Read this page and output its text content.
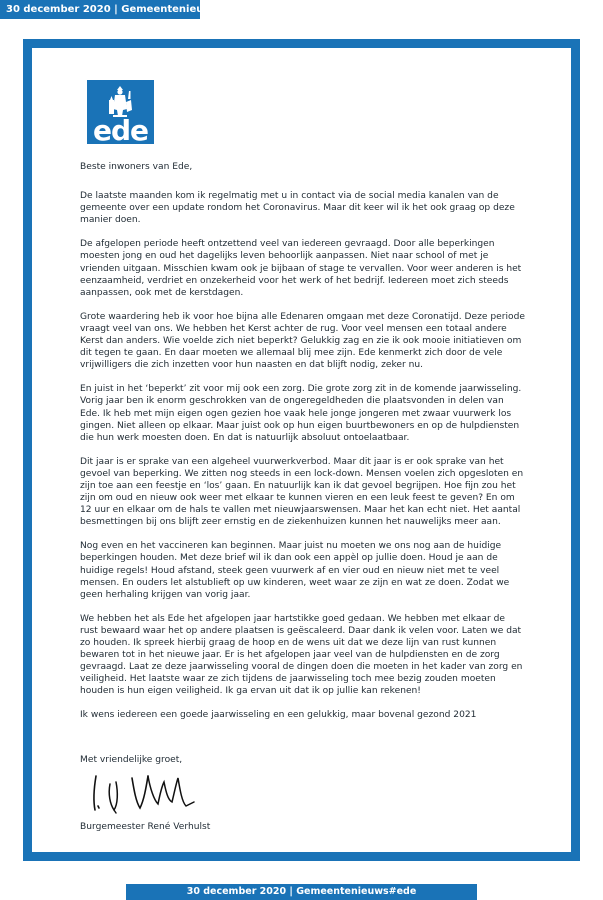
30 december 2020 | Gemeentenieuws#ede
ede

Beste inwoners van Ede,

De laatste maanden kom ik regelmatig met u in contact via de social media kanalen van de gemeente over een update rondom het Coronavirus. Maar dit keer wil ik het ook graag op deze manier doen.

De afgelopen periode heeft ontzettend veel van iedereen gevraagd. Door alle beperkingen moesten jong en oud het dagelijks leven behoorlijk aanpassen. Niet naar school of met je vrienden uitgaan. Misschien kwam ook je bijbaan of stage te vervallen. Voor weer anderen is het eenzaamheid, verdriet en onzekerheid voor het werk of het bedrijf. Iedereen moet zich steeds aanpassen, ook met de kerstdagen.

Grote waardering heb ik voor hoe bijna alle Edenaren omgaan met deze Coronatijd. Deze periode vraagt veel van ons. We hebben het Kerst achter de rug. Voor veel mensen een totaal andere Kerst dan anders. Wie voelde zich niet beperkt? Gelukkig zag en zie ik ook mooie initiatieven om dit tegen te gaan. En daar moeten we allemaal blij mee zijn. Ede kenmerkt zich door de vele vrijwilligers die zich inzetten voor hun naasten en dat blijft nodig, zeker nu.

En juist in het ‘beperkt’ zit voor mij ook een zorg. Die grote zorg zit in de komende jaarwisseling. Vorig jaar ben ik enorm geschrokken van de ongeregeldheden die plaatsvonden in delen van Ede. Ik heb met mijn eigen ogen gezien hoe vaak hele jonge jongeren met zwaar vuurwerk los gingen. Niet alleen op elkaar. Maar juist ook op hun eigen buurtbewoners en op de hulpdiensten die hun werk moesten doen. En dat is natuurlijk absoluut ontoelaatbaar.

Dit jaar is er sprake van een algeheel vuurwerkverbod. Maar dit jaar is er ook sprake van het gevoel van beperking. We zitten nog steeds in een lock-down. Mensen voelen zich opgesloten en zijn toe aan een feestje en ‘los’ gaan. En natuurlijk kan ik dat gevoel begrijpen. Hoe fijn zou het zijn om oud en nieuw ook weer met elkaar te kunnen vieren en een leuk feest te geven? En om 12 uur en elkaar om de hals te vallen met nieuwjaarswensen. Maar het kan echt niet. Het aantal besmettingen bij ons blijft zeer ernstig en de ziekenhuizen kunnen het nauwelijks meer aan.

Nog even en het vaccineren kan beginnen. Maar juist nu moeten we ons nog aan de huidige beperkingen houden. Met deze brief wil ik dan ook een appèl op jullie doen. Houd je aan de huidige regels! Houd afstand, steek geen vuurwerk af en vier oud en nieuw niet met te veel mensen. En ouders let alstublieft op uw kinderen, weet waar ze zijn en wat ze doen. Zodat we geen herhaling krijgen van vorig jaar.

We hebben het als Ede het afgelopen jaar hartstikke goed gedaan. We hebben met elkaar de rust bewaard waar het op andere plaatsen is geëscaleerd. Daar dank ik velen voor. Laten we dat zo houden. Ik spreek hierbij graag de hoop en de wens uit dat we deze lijn van rust kunnen bewaren tot in het nieuwe jaar. Er is het afgelopen jaar veel van de hulpdiensten en de zorg gevraagd. Laat ze deze jaarwisseling vooral de dingen doen die moeten in het kader van zorg en veiligheid. Het laatste waar ze zich tijdens de jaarwisseling toch mee bezig zouden moeten houden is hun eigen veiligheid. Ik ga ervan uit dat ik op jullie kan rekenen!

Ik wens iedereen een goede jaarwisseling en een gelukkig, maar bovenal gezond 2021

Met vriendelijke groet,
Burgemeester René Verhulst
30 december 2020 | Gemeentenieuws#ede
